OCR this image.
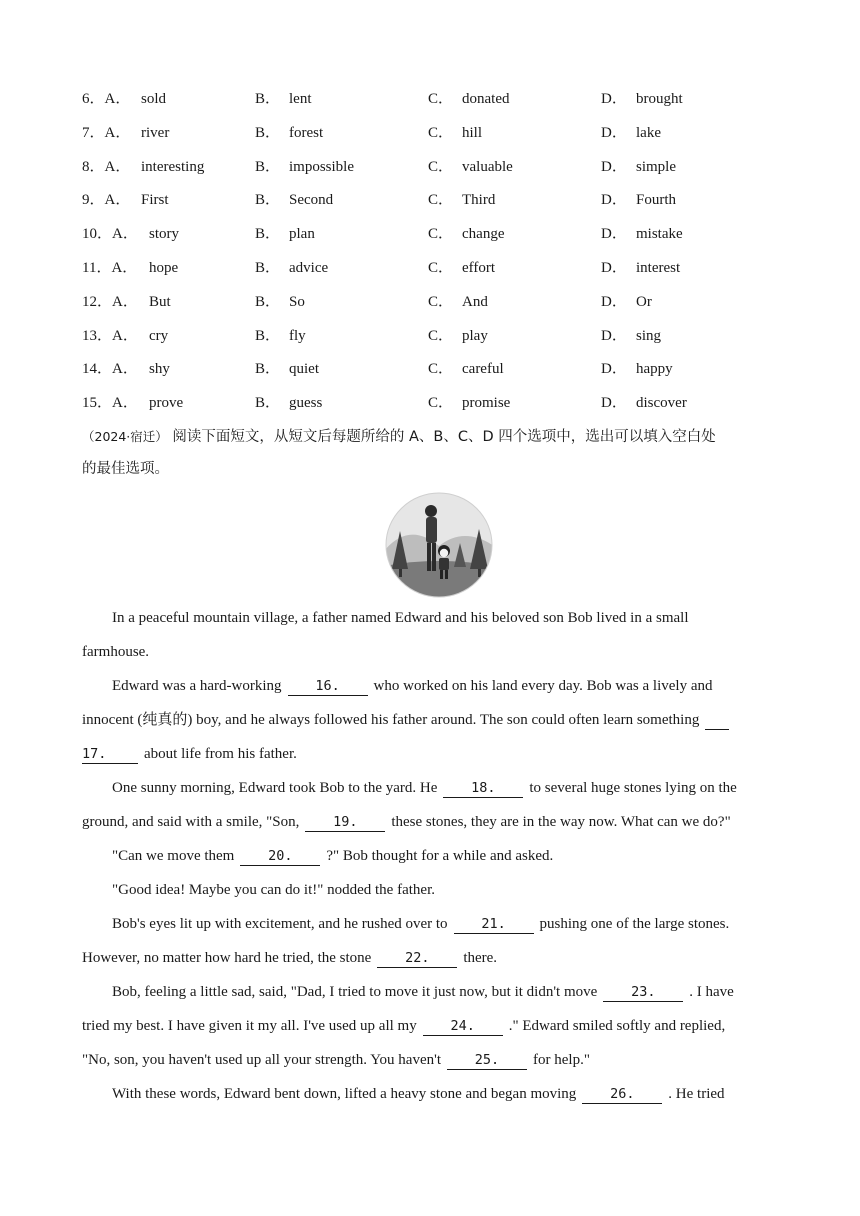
6．A． sold	B． lent	C． donated	D． brought
7．A． river	B． forest	C． hill	D． lake
8．A． interesting	B． impossible	C． valuable	D． simple
9．A． First	B． Second	C． Third	D． Fourth
10．A． story	B． plan	C． change	D． mistake
11．A． hope	B． advice	C． effort	D． interest
12．A． But	B． So	C． And	D． Or
13．A． cry	B． fly	C． play	D． sing
14．A． shy	B． quiet	C． careful	D． happy
15．A． prove	B． guess	C． promise	D． discover
（2024·宿迁） 阅读下面短文，从短文后每题所给的 A、B、C、D 四个选项中，选出可以填入空白处
的最佳选项。
In a peaceful mountain village, a father named Edward and his beloved son Bob lived in a small
farmhouse.
Edward was a hard-working	16. who worked on his land every day. Bob was a lively and
innocent (纯真的) boy, and he always followed his father around. The son could often learn something
17.	about life from his father.
One sunny morning, Edward took Bob to the yard. He	18. to several huge stones lying on the
ground, and said with a smile, "Son,	19. these stones, they are in the way now. What can we do?"
"Can we move them	20. ?" Bob thought for a while and asked.
"Good idea! Maybe you can do it!" nodded the father.
Bob's eyes lit up with excitement, and he rushed over to	21. pushing one of the large stones.
However, no matter how hard he tried, the stone	22. there.
Bob, feeling a little sad, said, "Dad, I tried to move it just now, but it didn't move	23. . I have
tried my best. I have given it my all. I've used up all my	24. ." Edward smiled softly and replied,
"No, son, you haven't used up all your strength. You haven't	25. for help."
With these words, Edward bent down, lifted a heavy stone and began moving	26. . He tried
